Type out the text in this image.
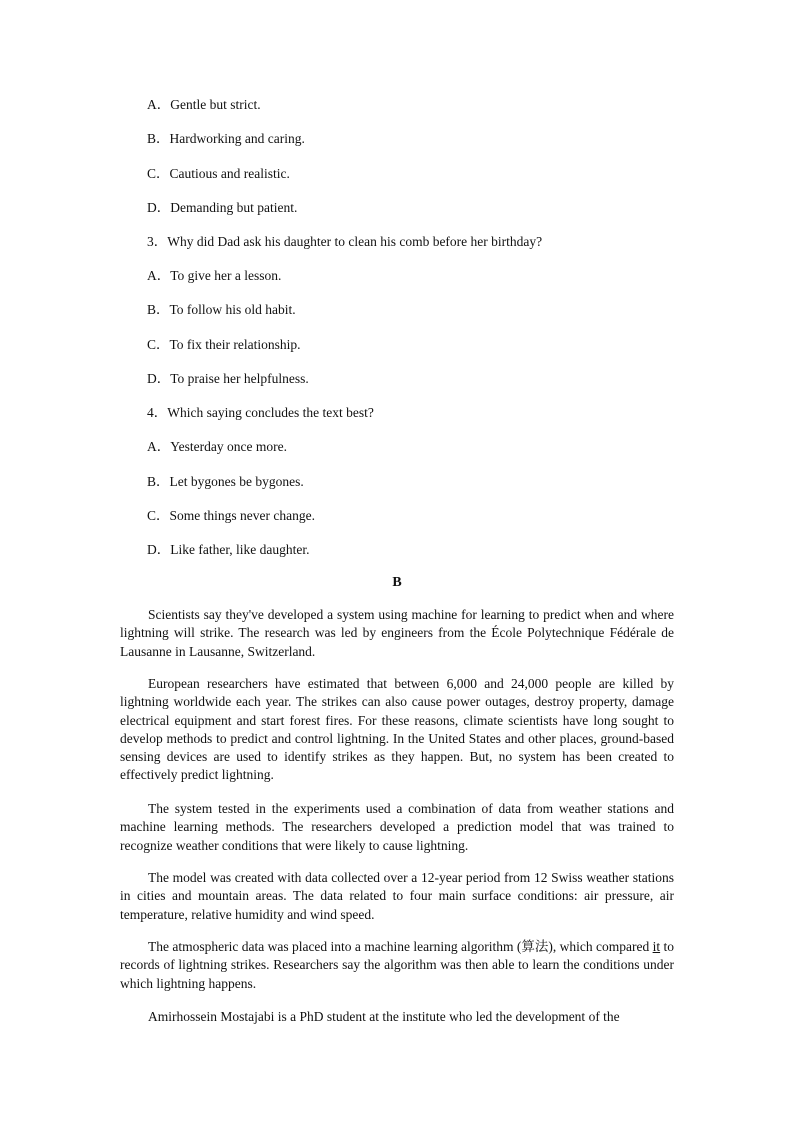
A．Gentle but strict.
B．Hardworking and caring.
C．Cautious and realistic.
D．Demanding but patient.
3．Why did Dad ask his daughter to clean his comb before her birthday?
A．To give her a lesson.
B．To follow his old habit.
C．To fix their relationship.
D．To praise her helpfulness.
4．Which saying concludes the text best?
A．Yesterday once more.
B．Let bygones be bygones.
C．Some things never change.
D．Like father, like daughter.
B

Scientists say they've developed a system using machine for learning to predict when and where lightning will strike. The research was led by engineers from the École Polytechnique Fédérale de Lausanne in Lausanne, Switzerland.

European researchers have estimated that between 6,000 and 24,000 people are killed by lightning worldwide each year. The strikes can also cause power outages, destroy property, damage electrical equipment and start forest fires. For these reasons, climate scientists have long sought to develop methods to predict and control lightning. In the United States and other places, ground-based sensing devices are used to identify strikes as they happen. But, no system has been created to effectively predict lightning.

The system tested in the experiments used a combination of data from weather stations and machine learning methods. The researchers developed a prediction model that was trained to recognize weather conditions that were likely to cause lightning.

The model was created with data collected over a 12-year period from 12 Swiss weather stations in cities and mountain areas. The data related to four main surface conditions: air pressure, air temperature, relative humidity and wind speed.

The atmospheric data was placed into a machine learning algorithm (算法), which compared it to records of lightning strikes. Researchers say the algorithm was then able to learn the conditions under which lightning happens.

Amirhossein Mostajabi is a PhD student at the institute who led the development of the
